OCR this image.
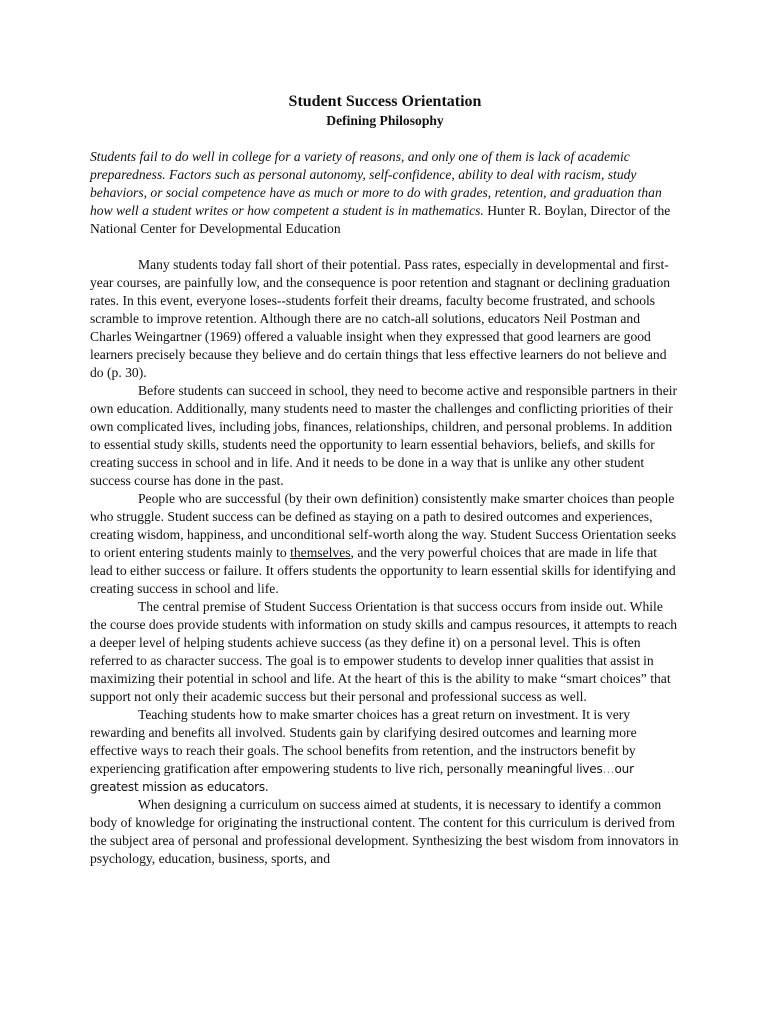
Student Success Orientation
Defining Philosophy

Students fail to do well in college for a variety of reasons, and only one of them is lack of academic preparedness. Factors such as personal autonomy, self-confidence, ability to deal with racism, study behaviors, or social competence have as much or more to do with grades, retention, and graduation than how well a student writes or how competent a student is in mathematics. Hunter R. Boylan, Director of the National Center for Developmental Education

Many students today fall short of their potential. Pass rates, especially in developmental and first-year courses, are painfully low, and the consequence is poor retention and stagnant or declining graduation rates. In this event, everyone loses--students forfeit their dreams, faculty become frustrated, and schools scramble to improve retention. Although there are no catch-all solutions, educators Neil Postman and Charles Weingartner (1969) offered a valuable insight when they expressed that good learners are good learners precisely because they believe and do certain things that less effective learners do not believe and do (p. 30).

Before students can succeed in school, they need to become active and responsible partners in their own education. Additionally, many students need to master the challenges and conflicting priorities of their own complicated lives, including jobs, finances, relationships, children, and personal problems. In addition to essential study skills, students need the opportunity to learn essential behaviors, beliefs, and skills for creating success in school and in life. And it needs to be done in a way that is unlike any other student success course has done in the past.

People who are successful (by their own definition) consistently make smarter choices than people who struggle. Student success can be defined as staying on a path to desired outcomes and experiences, creating wisdom, happiness, and unconditional self-worth along the way. Student Success Orientation seeks to orient entering students mainly to themselves, and the very powerful choices that are made in life that lead to either success or failure. It offers students the opportunity to learn essential skills for identifying and creating success in school and life.

The central premise of Student Success Orientation is that success occurs from inside out. While the course does provide students with information on study skills and campus resources, it attempts to reach a deeper level of helping students achieve success (as they define it) on a personal level. This is often referred to as character success. The goal is to empower students to develop inner qualities that assist in maximizing their potential in school and life. At the heart of this is the ability to make “smart choices” that support not only their academic success but their personal and professional success as well.

Teaching students how to make smarter choices has a great return on investment. It is very rewarding and benefits all involved. Students gain by clarifying desired outcomes and learning more effective ways to reach their goals. The school benefits from retention, and the instructors benefit by experiencing gratification after empowering students to live rich, personally meaningful lives…our greatest mission as educators.

When designing a curriculum on success aimed at students, it is necessary to identify a common body of knowledge for originating the instructional content. The content for this curriculum is derived from the subject area of personal and professional development. Synthesizing the best wisdom from innovators in psychology, education, business, sports, and
